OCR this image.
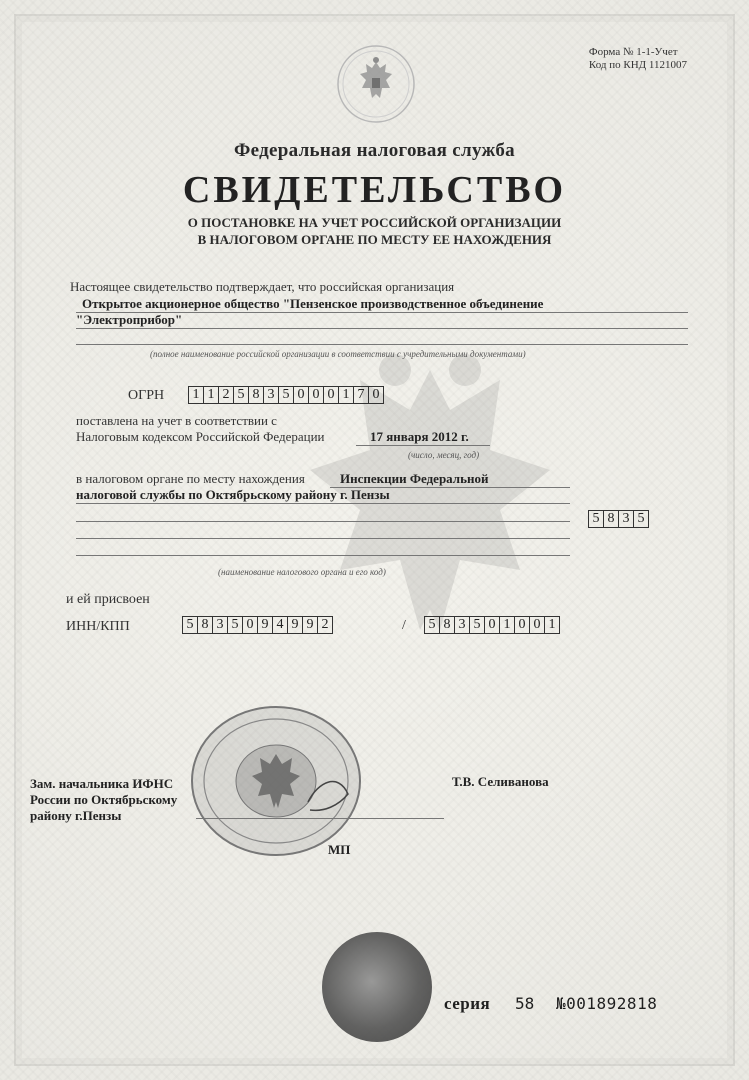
Форма № 1-1-Учет
Код по КНД 1121007
Федеральная налоговая служба
СВИДЕТЕЛЬСТВО
О ПОСТАНОВКЕ НА УЧЕТ РОССИЙСКОЙ ОРГАНИЗАЦИИ
В НАЛОГОВОМ ОРГАНЕ ПО МЕСТУ ЕЕ НАХОЖДЕНИЯ
Настоящее свидетельство подтверждает, что российская организация
Открытое акционерное общество "Пензенское производственное объединение
"Электроприбор"
(полное наименование российской организации в соответствии с учредительными документами)
ОГРН	1 1 2 5 8 3 5 0 0 0 1 7 0
поставлена на учет в соответствии с
Налоговым кодексом Российской Федерации	17 января 2012 г.
(число, месяц, год)
в налоговом органе по месту нахождения	Инспекции Федеральной
налоговой службы по Октябрьскому району г. Пензы
5 8 3 5
(наименование налогового органа и его код)
и ей присвоен
ИНН/КПП	5 8 3 5 0 9 4 9 9 2	/	5 8 3 5 0 1 0 0 1
Зам. начальника ИФНС
России по Октябрьскому
району г.Пензы
Т.В. Селиванова
МП
серия 58 №001892818
